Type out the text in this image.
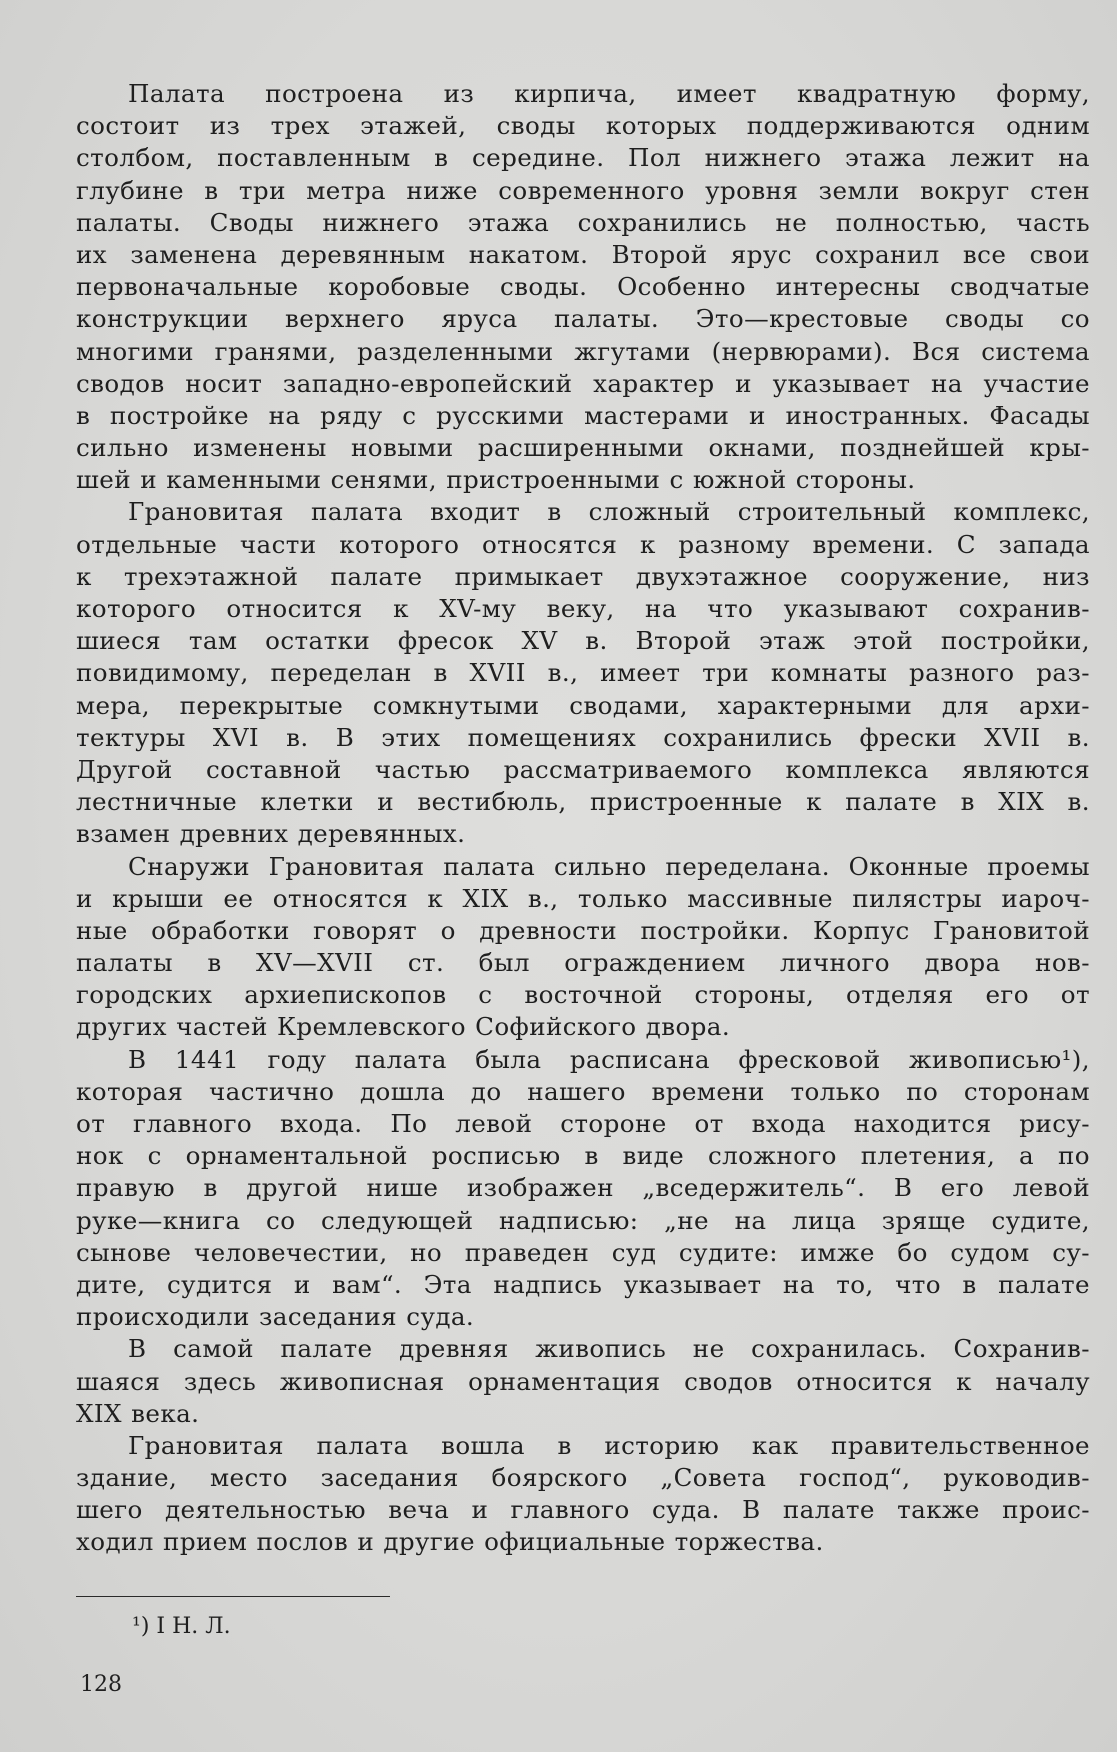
Палата построена из кирпича, имеет квадратную форму,
состоит из трех этажей, своды которых поддерживаются одним
столбом, поставленным в середине. Пол нижнего этажа лежит на
глубине в три метра ниже современного уровня земли вокруг стен
палаты. Своды нижнего этажа сохранились не полностью, часть
их заменена деревянным накатом. Второй ярус сохранил все свои
первоначальные коробовые своды. Особенно интересны сводчатые
конструкции верхнего яруса палаты. Это—крестовые своды со
многими гранями, разделенными жгутами (нервюрами). Вся система
сводов носит западно-европейский характер и указывает на участие
в постройке на ряду с русскими мастерами и иностранных. Фасады
сильно изменены новыми расширенными окнами, позднейшей кры-
шей и каменными сенями, пристроенными с южной стороны.
Грановитая палата входит в сложный строительный комплекс,
отдельные части которого относятся к разному времени. С запада
к трехэтажной палате примыкает двухэтажное сооружение, низ
которого относится к XV-му веку, на что указывают сохранив-
шиеся там остатки фресок XV в. Второй этаж этой постройки,
повидимому, переделан в XVII в., имеет три комнаты разного раз-
мера, перекрытые сомкнутыми сводами, характерными для архи-
тектуры XVI в. В этих помещениях сохранились фрески XVII в.
Другой составной частью рассматриваемого комплекса являются
лестничные клетки и вестибюль, пристроенные к палате в XIX в.
взамен древних деревянных.
Снаружи Грановитая палата сильно переделана. Оконные проемы
и крыши ее относятся к XIX в., только массивные пилястры иароч-
ные обработки говорят о древности постройки. Корпус Грановитой
палаты в XV—XVII ст. был ограждением личного двора нов-
городских архиепископов с восточной стороны, отделяя его от
других частей Кремлевского Софийского двора.
В 1441 году палата была расписана фресковой живописью¹),
которая частично дошла до нашего времени только по сторонам
от главного входа. По левой стороне от входа находится рису-
нок с орнаментальной росписью в виде сложного плетения, а по
правую в другой нише изображен „вседержитель“. В его левой
руке—книга со следующей надписью: „не на лица зряще судите,
сынове человечестии, но праведен суд судите: имже бо судом су-
дите, судится и вам“. Эта надпись указывает на то, что в палате
происходили заседания суда.
В самой палате древняя живопись не сохранилась. Сохранив-
шаяся здесь живописная орнаментация сводов относится к началу
XIX века.
Грановитая палата вошла в историю как правительственное
здание, место заседания боярского „Совета господ“, руководив-
шего деятельностью веча и главного суда. В палате также проис-
ходил прием послов и другие официальные торжества.
¹) I Н. Л.
128
